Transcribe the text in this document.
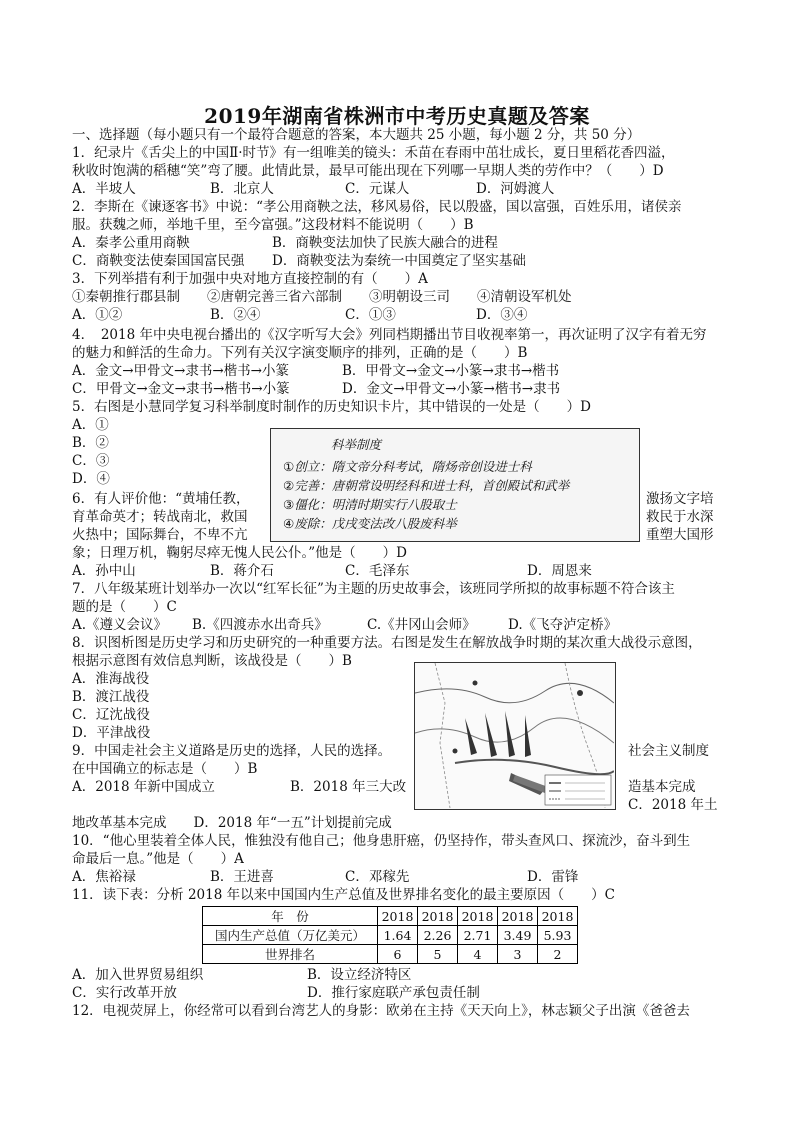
2019年湖南省株洲市中考历史真题及答案
一、选择题（每小题只有一个最符合题意的答案，本大题共 25 小题，每小题 2 分，共 50 分）
1．纪录片《舌尖上的中国Ⅱ·时节》有一组唯美的镜头：禾苗在春雨中茁壮成长，夏日里稻花香四溢，
秋收时饱满的稻穗“笑”弯了腰。此情此景，最早可能出现在下列哪一早期人类的劳作中？（　　）D
A．半坡人	B．北京人	C．元谋人	D．河姆渡人
2．李斯在《谏逐客书》中说：“孝公用商鞅之法，移风易俗，民以殷盛，国以富强，百姓乐用，诸侯亲
服。获魏之师，举地千里，至今富强。”这段材料不能说明（　　）B
A．秦孝公重用商鞅	B．商鞅变法加快了民族大融合的进程
C．商鞅变法使秦国国富民强 D．商鞅变法为秦统一中国奠定了坚实基础
3．下列举措有利于加强中央对地方直接控制的有（　　）A
①秦朝推行郡县制　　②唐朝完善三省六部制　　③明朝设三司　　④清朝设军机处
A．①②	B．②④	C．①③	D．③④
4．　2018 年中央电视台播出的《汉字听写大会》列同档期播出节目收视率第一，再次证明了汉字有着无穷
的魅力和鲜活的生命力。下列有关汉字演变顺序的排列，正确的是（　　）B
A．金文→甲骨文→隶书→楷书→小篆	B．甲骨文→金文→小篆→隶书→楷书
C．甲骨文→金文→隶书→楷书→小篆	D．金文→甲骨文→小篆→楷书→隶书
5．右图是小慧同学复习科举制度时制作的历史知识卡片，其中错误的一处是（　　）D
A．①
B．②
C．③
D．④
科举制度
①创立：隋文帝分科考试，隋炀帝创设进士科
②完善：唐朝常设明经科和进士科，首创殿试和武举
③僵化：明清时期实行八股取士
④废除：戊戌变法改八股废科举
6．有人评价他：“黄埔任教，	激扬文字培
育革命英才；转战南北，救国	救民于水深
火热中；国际舞台，不卑不亢	重塑大国形
象；日理万机，鞠躬尽瘁无愧人民公仆。”他是（　　）D
A．孙中山	B．蒋介石	C．毛泽东	D．周恩来
7．八年级某班计划举办一次以“红军长征”为主题的历史故事会，该班同学所拟的故事标题不符合该主
题的是（　　）C
A.《遵义会议》 B.《四渡赤水出奇兵》	C.《井冈山会师》 D.《飞夺泸定桥》
8．识图析图是历史学习和历史研究的一种重要方法。右图是发生在解放战争时期的某次重大战役示意图，
根据示意图有效信息判断，该战役是（　　）B
A．淮海战役
B．渡江战役
C．辽沈战役
D．平津战役
9．中国走社会主义道路是历史的选择，人民的选择。	社会主义制度
在中国确立的标志是（　　）B
A．2018 年新中国成立	B．2018 年三大改	造基本完成
C．2018 年土
地改革基本完成　　D．2018 年“一五”计划提前完成
10．“他心里装着全体人民，惟独没有他自己；他身患肝癌，仍坚持作，带头查风口、探流沙，奋斗到生
命最后一息。”他是（　　）A
A．焦裕禄	B．王进喜	C．邓稼先	D．雷锋
11．读下表：分析 2018 年以来中国国内生产总值及世界排名变化的最主要原因（　　）C
年　份	2018	2018	2018	2018	2018
国内生产总值（万亿美元）	1.64	2.26	2.71	3.49	5.93
世界排名	6	5	4	3	2
A．加入世界贸易组织	B．设立经济特区
C．实行改革开放	D．推行家庭联产承包责任制
12．电视荧屏上，你经常可以看到台湾艺人的身影：欧弟在主持《天天向上》，林志颖父子出演《爸爸去
